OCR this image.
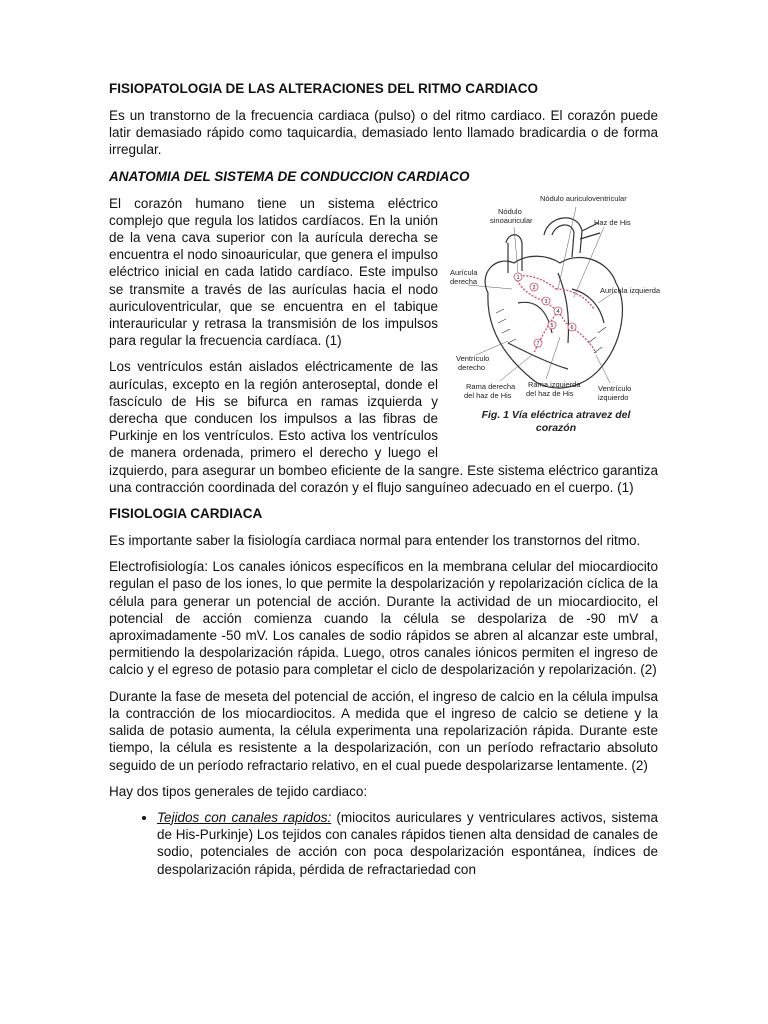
FISIOPATOLOGIA DE LAS ALTERACIONES DEL RITMO CARDIACO

Es un transtorno de la frecuencia cardiaca (pulso) o del ritmo cardiaco. El corazón puede latir demasiado rápido como taquicardia, demasiado lento llamado bradicardia o de forma irregular.

ANATOMIA DEL SISTEMA DE CONDUCCION CARDIACO
1
2
3
4
5	6
7
Nódulo auriculoventricular
Nódulo
sinoauricular	Haz de His
Aurícula
derecha
Aurícula izquierda
Ventrículo
derecho
Rama derecha
del haz de His
Rama izquierda
del haz de His
Ventrículo
izquierdo
Fig. 1 Vía eléctrica atravez del
corazón

El corazón humano tiene un sistema eléctrico complejo que regula los latidos cardíacos. En la unión de la vena cava superior con la aurícula derecha se encuentra el nodo sinoauricular, que genera el impulso eléctrico inicial en cada latido cardíaco. Este impulso se transmite a través de las aurículas hacia el nodo auriculoventricular, que se encuentra en el tabique interauricular y retrasa la transmisión de los impulsos para regular la frecuencia cardíaca. (1)

Los ventrículos están aislados eléctricamente de las aurículas, excepto en la región anteroseptal, donde el fascículo de His se bifurca en ramas izquierda y derecha que conducen los impulsos a las fibras de Purkinje en los ventrículos. Esto activa los ventrículos de manera ordenada, primero el derecho y luego el izquierdo, para asegurar un bombeo eficiente de la sangre. Este sistema eléctrico garantiza una contracción coordinada del corazón y el flujo sanguíneo adecuado en el cuerpo. (1)

FISIOLOGIA CARDIACA

Es importante saber la fisiología cardiaca normal para entender los transtornos del ritmo.

Electrofisiología: Los canales iónicos específicos en la membrana celular del miocardiocito regulan el paso de los iones, lo que permite la despolarización y repolarización cíclica de la célula para generar un potencial de acción. Durante la actividad de un miocardiocito, el potencial de acción comienza cuando la célula se despolariza de -90 mV a aproximadamente -50 mV. Los canales de sodio rápidos se abren al alcanzar este umbral, permitiendo la despolarización rápida. Luego, otros canales iónicos permiten el ingreso de calcio y el egreso de potasio para completar el ciclo de despolarización y repolarización. (2)

Durante la fase de meseta del potencial de acción, el ingreso de calcio en la célula impulsa la contracción de los miocardiocitos. A medida que el ingreso de calcio se detiene y la salida de potasio aumenta, la célula experimenta una repolarización rápida. Durante este tiempo, la célula es resistente a la despolarización, con un período refractario absoluto seguido de un período refractario relativo, en el cual puede despolarizarse lentamente. (2)

Hay dos tipos generales de tejido cardiaco:

• Tejidos con canales rapidos: (miocitos auriculares y ventriculares activos, sistema de His-Purkinje) Los tejidos con canales rápidos tienen alta densidad de canales de sodio, potenciales de acción con poca despolarización espontánea, índices de despolarización rápida, pérdida de refractariedad con
